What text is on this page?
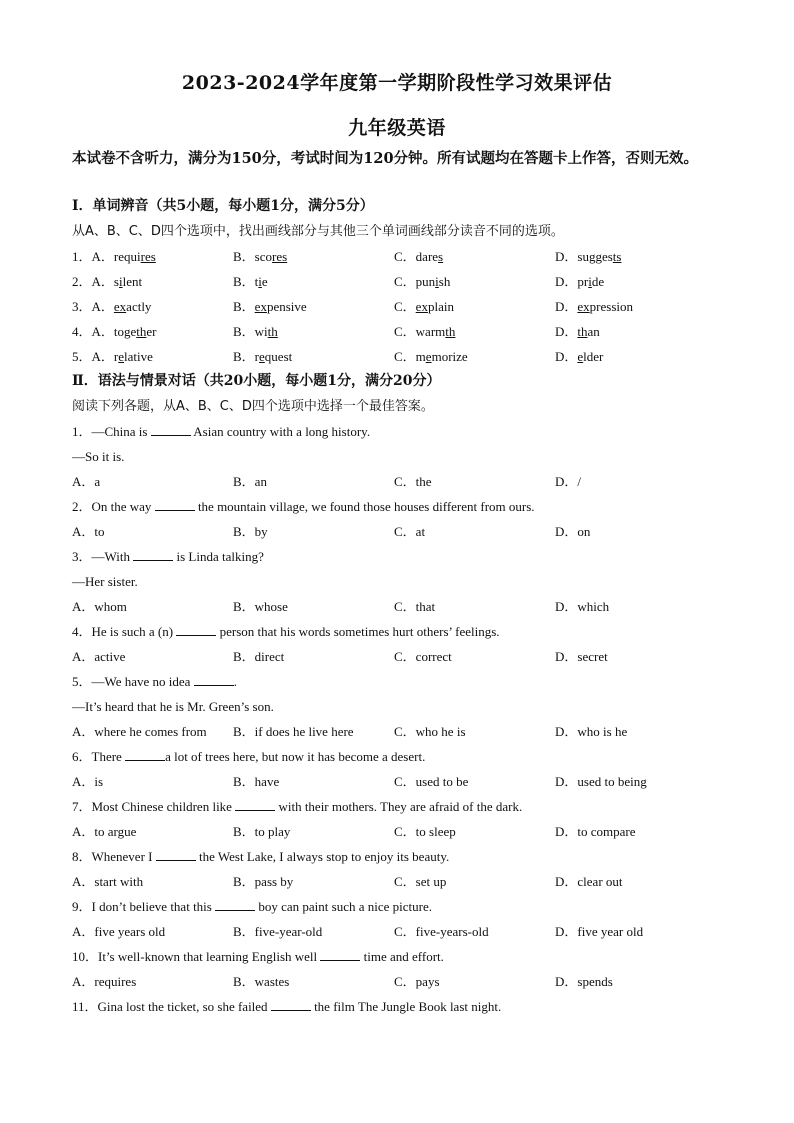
2023-2024学年度第一学期阶段性学习效果评估
九年级英语
本试卷不含听力，满分为150分，考试时间为120分钟。所有试题均在答题卡上作答，否则无效。
Ⅰ．单词辨音（共5小题，每小题1分，满分5分）
从A、B、C、D四个选项中，找出画线部分与其他三个单词画线部分读音不同的选项。
1．A．requires	B．scores	C．dares	D．suggests
2．A．silent	B．tie	C．punish	D．pride
3．A．exactly	B．expensive	C．explain	D．expression
4．A．together	B．with	C．warmth	D．than
5．A．relative	B．request	C．memorize	D．elder
Ⅱ．语法与情景对话（共20小题，每小题1分，满分20分）
阅读下列各题，从A、B、C、D四个选项中选择一个最佳答案。
1．—China is	Asian country with a long history.
—So it is.
A．a	B．an	C．the	D．/
2．On the way	the mountain village, we found those houses different from ours.
A．to	B．by	C．at	D．on
3．—With	is Linda talking?
—Her sister.
A．whom	B．whose	C．that	D．which
4．He is such a (n)	person that his words sometimes hurt others’ feelings.
A．active	B．direct	C．correct	D．secret
5．—We have no idea	.
—It’s heard that he is Mr. Green’s son.
A．where he comes from B．if does he live here	C．who he is	D．who is he
6．There	a lot of trees here, but now it has become a desert.
A．is	B．have	C．used to be	D．used to being
7．Most Chinese children like	with their mothers. They are afraid of the dark.
A．to argue	B．to play	C．to sleep	D．to compare
8．Whenever I	the West Lake, I always stop to enjoy its beauty.
A．start with	B．pass by	C．set up	D．clear out
9．I don’t believe that this	boy can paint such a nice picture.
A．five years old	B．five-year-old	C．five-years-old	D．five year old
10．It’s well-known that learning English well	time and effort.
A．requires	B．wastes	C．pays	D．spends
11．Gina lost the ticket, so she failed	the film The Jungle Book last night.
